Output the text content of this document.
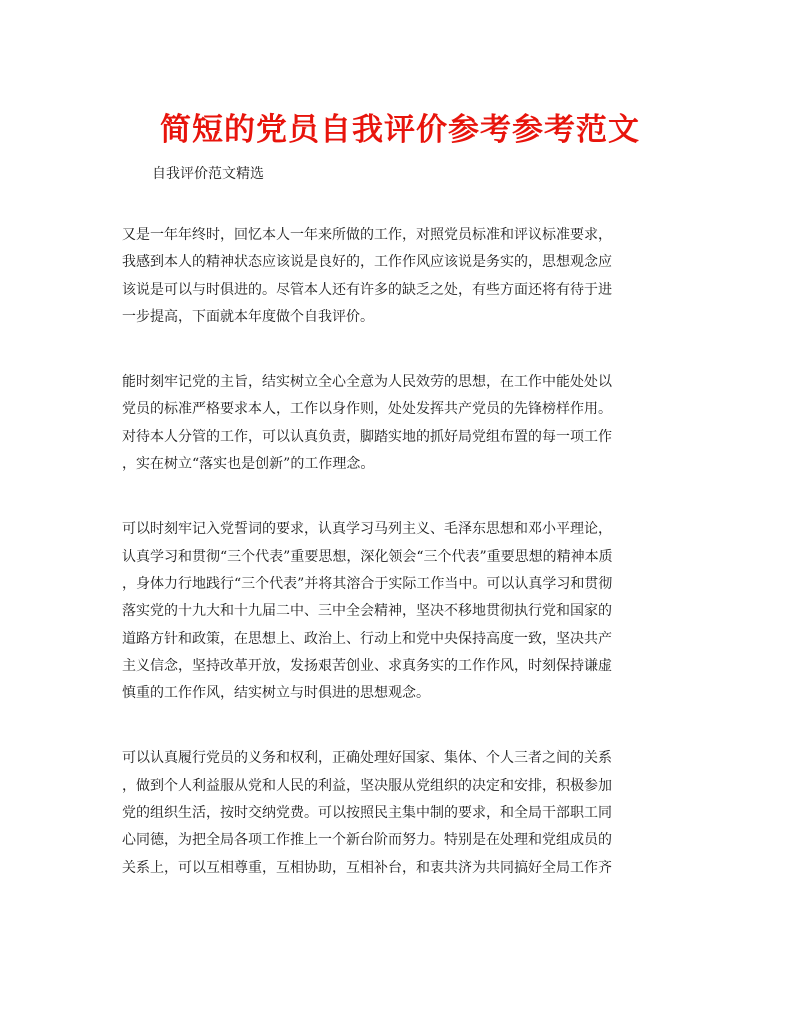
简短的党员自我评价参考参考范文

自我评价范文精选

又是一年年终时，回忆本人一年来所做的工作，对照党员标准和评议标准要求，
我感到本人的精神状态应该说是良好的，工作作风应该说是务实的，思想观念应
该说是可以与时俱进的。尽管本人还有许多的缺乏之处，有些方面还将有待于进
一步提高，下面就本年度做个自我评价。

能时刻牢记党的主旨，结实树立全心全意为人民效劳的思想，在工作中能处处以
党员的标准严格要求本人，工作以身作则，处处发挥共产党员的先锋榜样作用。
对待本人分管的工作，可以认真负责，脚踏实地的抓好局党组布置的每一项工作
，实在树立“落实也是创新”的工作理念。

可以时刻牢记入党誓词的要求，认真学习马列主义、毛泽东思想和邓小平理论，
认真学习和贯彻“三个代表”重要思想，深化领会“三个代表”重要思想的精神本质
，身体力行地践行“三个代表”并将其溶合于实际工作当中。可以认真学习和贯彻
落实党的十九大和十九届二中、三中全会精神，坚决不移地贯彻执行党和国家的
道路方针和政策，在思想上、政治上、行动上和党中央保持高度一致，坚决共产
主义信念，坚持改革开放，发扬艰苦创业、求真务实的工作作风，时刻保持谦虚
慎重的工作作风，结实树立与时俱进的思想观念。

可以认真履行党员的义务和权利，正确处理好国家、集体、个人三者之间的关系
，做到个人利益服从党和人民的利益，坚决服从党组织的决定和安排，积极参加
党的组织生活，按时交纳党费。可以按照民主集中制的要求，和全局干部职工同
心同德，为把全局各项工作推上一个新台阶而努力。特别是在处理和党组成员的
关系上，可以互相尊重，互相协助，互相补台，和衷共济为共同搞好全局工作齐
